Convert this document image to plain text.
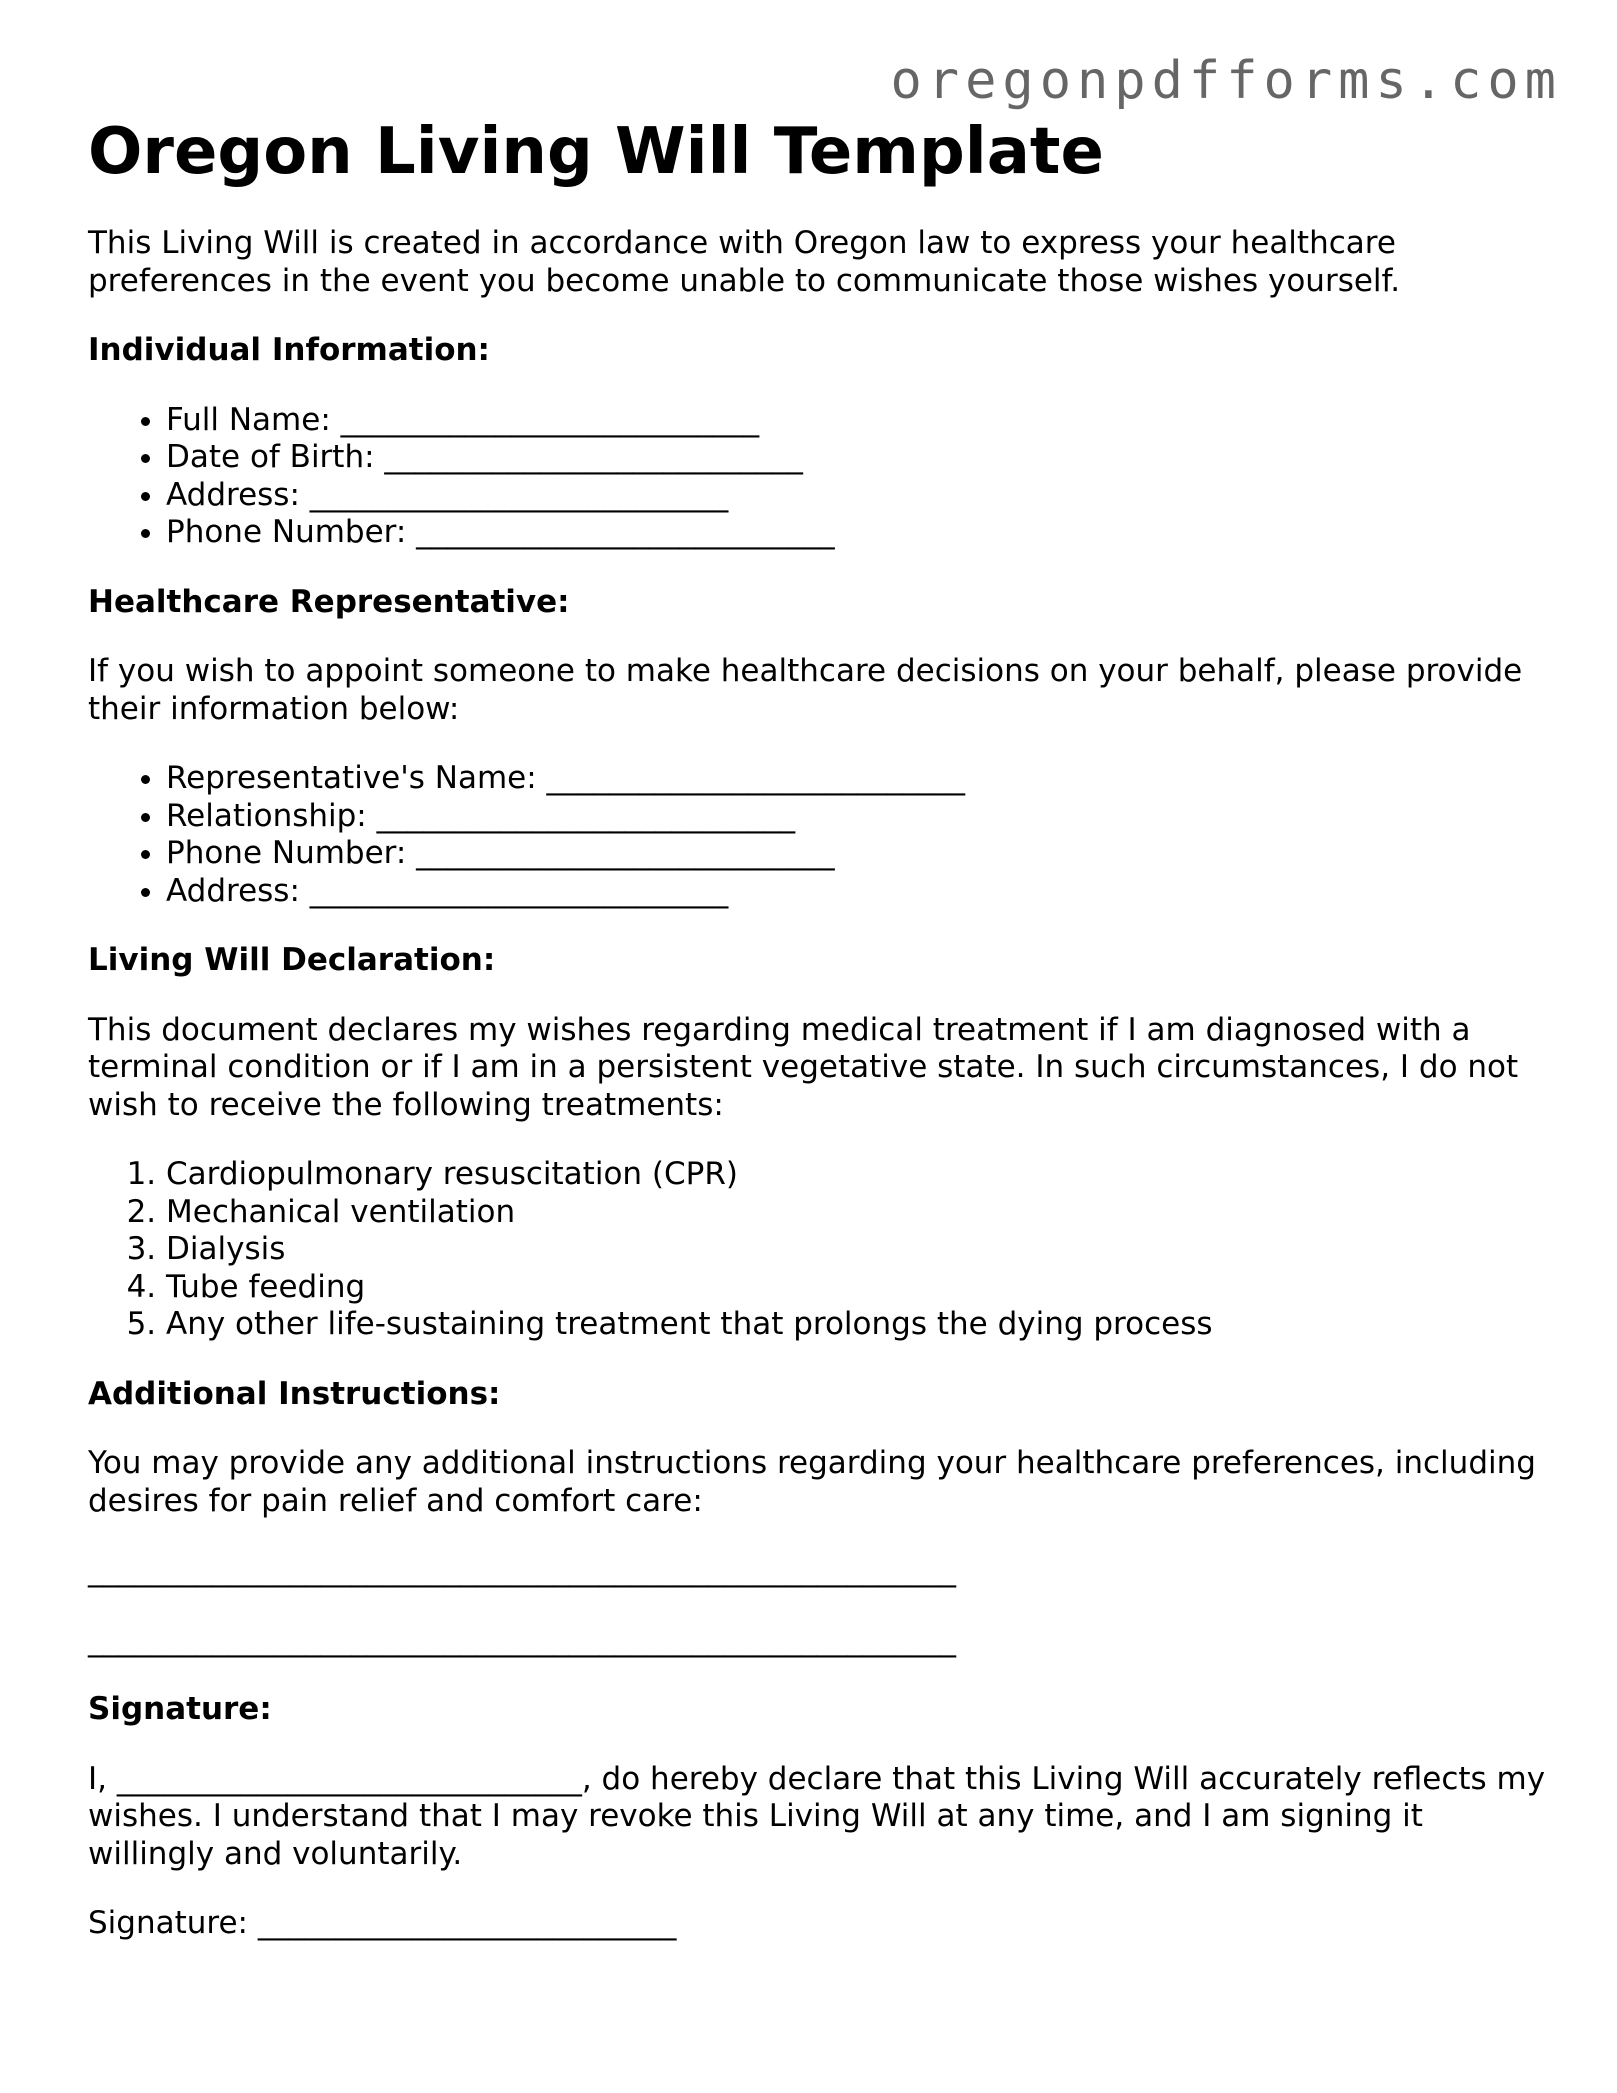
oregonpdfforms.com
Oregon Living Will Template

This Living Will is created in accordance with Oregon law to express your healthcare preferences in the event you become unable to communicate those wishes yourself.

Individual Information:
• Full Name: ___________________________
• Date of Birth: ___________________________
• Address: ___________________________
• Phone Number: ___________________________
Healthcare Representative:

If you wish to appoint someone to make healthcare decisions on your behalf, please provide their information below:

• Representative's Name: ___________________________
• Relationship: ___________________________
• Phone Number: ___________________________
• Address: ___________________________
Living Will Declaration:

This document declares my wishes regarding medical treatment if I am diagnosed with a terminal condition or if I am in a persistent vegetative state. In such circumstances, I do not wish to receive the following treatments:

1. Cardiopulmonary resuscitation (CPR)
2. Mechanical ventilation
3. Dialysis
4. Tube feeding
5. Any other life-sustaining treatment that prolongs the dying process
Additional Instructions:

You may provide any additional instructions regarding your healthcare preferences, including desires for pain relief and comfort care:

________________________________________________________
________________________________________________________
Signature:

I, ______________________________, do hereby declare that this Living Will accurately reflects my wishes. I understand that I may revoke this Living Will at any time, and I am signing it willingly and voluntarily.

Signature: ___________________________
